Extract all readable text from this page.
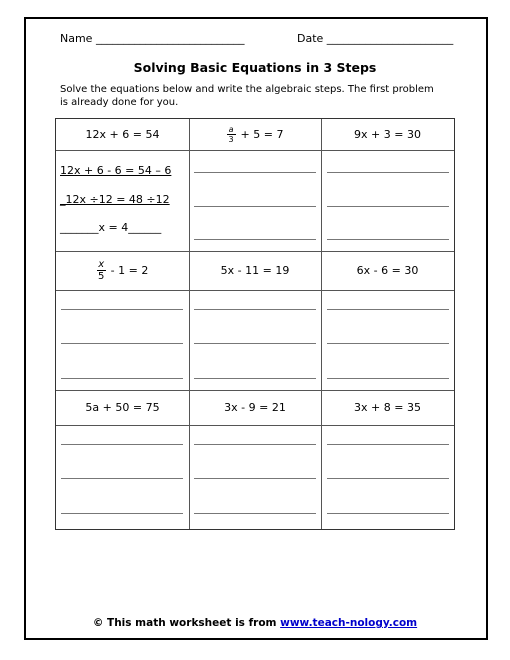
Name ___________________________	Date _______________________
Solving Basic Equations in 3 Steps
Solve the equations below and write the algebraic steps. The first problem is already done for you.
12x + 6 = 54	$\frac{a}{3} + 5 = 7$	9x + 3 = 30
12x + 6 - 6 = 54 – 6
_12x ÷12 = 48 ÷12
_______x = 4______
$\frac{x}{5} - 1 = 2$	5x - 11 = 19	6x - 6 = 30
5a + 50 = 75	3x - 9 = 21	3x + 8 = 35
© This math worksheet is from www.teach-nology.com
